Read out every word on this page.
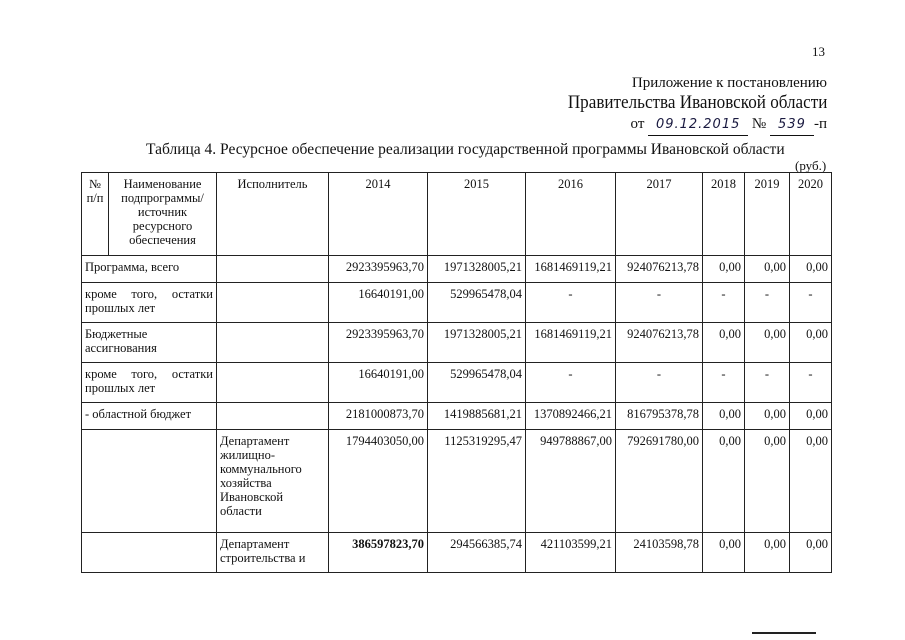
13
Приложение к постановлению
Правительства Ивановской области
от 09.12.2015 № 539 -п
Таблица 4. Ресурсное обеспечение реализации государственной программы Ивановской области
(руб.)
№ п/п	Наименование подпрограммы/ источник ресурсного обеспечения	Исполнитель	2014	2015	2016	2017	2018	2019	2020
Программа, всего			2923395963,70	1971328005,21	1681469119,21	924076213,78	0,00	0,00	0,00
кроме того, остатки прошлых лет			16640191,00	529965478,04	-	-	-	-	-
Бюджетные ассигнования			2923395963,70	1971328005,21	1681469119,21	924076213,78	0,00	0,00	0,00
кроме того, остатки прошлых лет			16640191,00	529965478,04	-	-	-	-	-
- областной бюджет			2181000873,70	1419885681,21	1370892466,21	816795378,78	0,00	0,00	0,00
		Департамент жилищно-коммунального хозяйства Ивановской области	1794403050,00	1125319295,47	949788867,00	792691780,00	0,00	0,00	0,00
		Департамент строительства и	386597823,70	294566385,74	421103599,21	24103598,78	0,00	0,00	0,00
